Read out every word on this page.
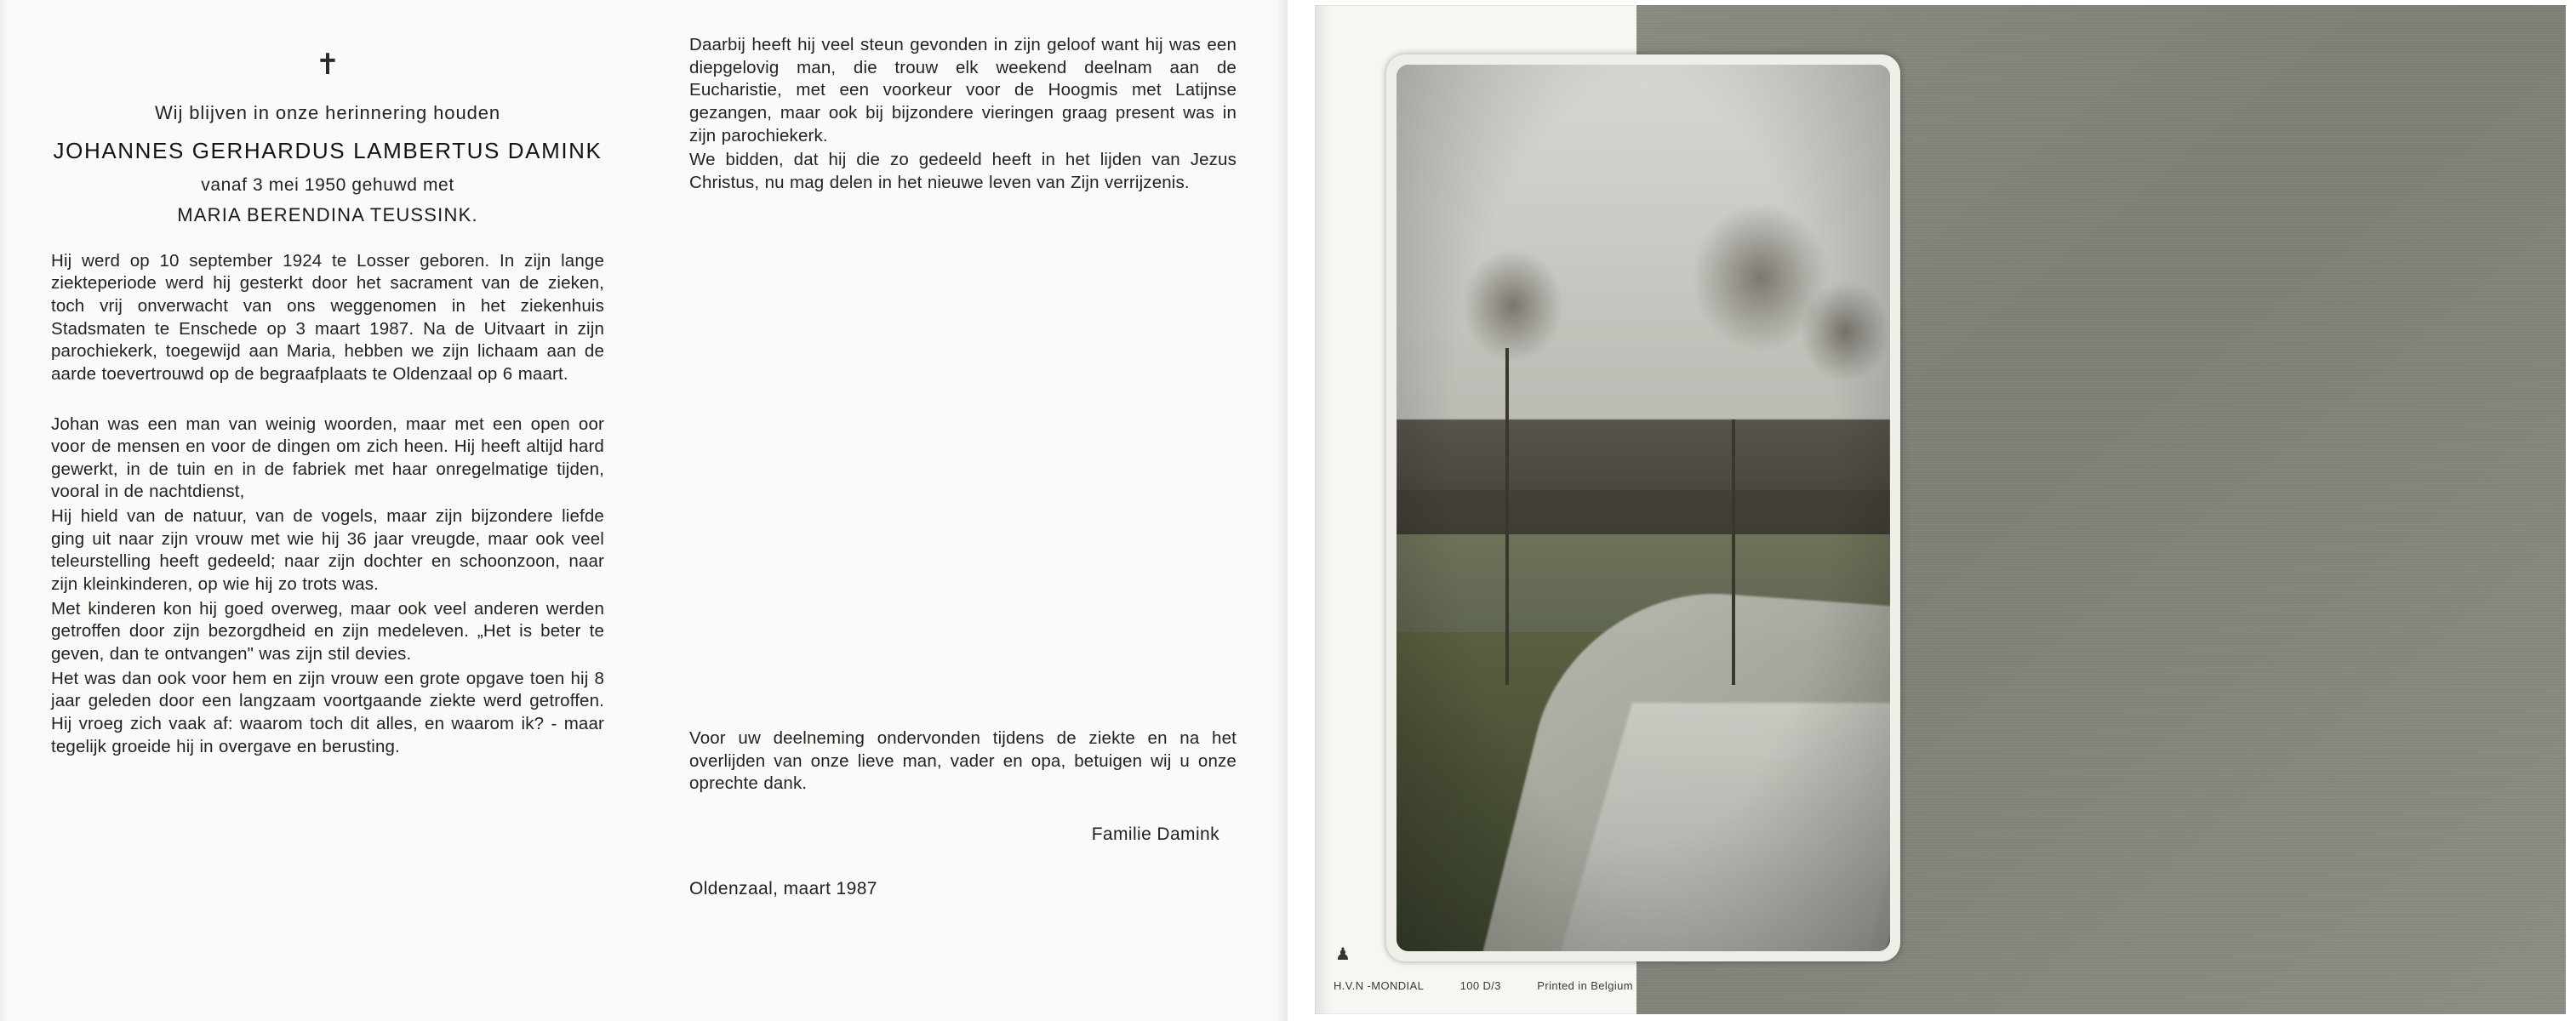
✝
Wij blijven in onze herinnering houden
JOHANNES GERHARDUS LAMBERTUS DAMINK
vanaf 3 mei 1950 gehuwd met
MARIA BERENDINA TEUSSINK.

Hij werd op 10 september 1924 te Losser geboren. In zijn lange ziekteperiode werd hij gesterkt door het sacrament van de zieken, toch vrij onverwacht van ons weggenomen in het ziekenhuis Stadsmaten te Enschede op 3 maart 1987. Na de Uitvaart in zijn parochiekerk, toegewijd aan Maria, hebben we zijn lichaam aan de aarde toevertrouwd op de begraafplaats te Oldenzaal op 6 maart.

Johan was een man van weinig woorden, maar met een open oor voor de mensen en voor de dingen om zich heen. Hij heeft altijd hard gewerkt, in de tuin en in de fabriek met haar onregelmatige tijden, vooral in de nachtdienst,

Hij hield van de natuur, van de vogels, maar zijn bijzondere liefde ging uit naar zijn vrouw met wie hij 36 jaar vreugde, maar ook veel teleurstelling heeft gedeeld; naar zijn dochter en schoonzoon, naar zijn kleinkinderen, op wie hij zo trots was.

Met kinderen kon hij goed overweg, maar ook veel anderen werden getroffen door zijn bezorgdheid en zijn medeleven. „Het is beter te geven, dan te ontvangen" was zijn stil devies.

Het was dan ook voor hem en zijn vrouw een grote opgave toen hij 8 jaar geleden door een langzaam voortgaande ziekte werd getroffen. Hij vroeg zich vaak af: waarom toch dit alles, en waarom ik? - maar tegelijk groeide hij in overgave en berusting.

Daarbij heeft hij veel steun gevonden in zijn geloof want hij was een diepgelovig man, die trouw elk weekend deelnam aan de Eucharistie, met een voorkeur voor de Hoogmis met Latijnse gezangen, maar ook bij bijzondere vieringen graag present was in zijn parochiekerk.

We bidden, dat hij die zo gedeeld heeft in het lijden van Jezus Christus, nu mag delen in het nieuwe leven van Zijn verrijzenis.

Voor uw deelneming ondervonden tijdens de ziekte en na het overlijden van onze lieve man, vader en opa, betuigen wij u onze oprechte dank.

Familie Damink
Oldenzaal, maart 1987
♟
H.V.N -MONDIAL	100 D/3	Printed in Belgium
